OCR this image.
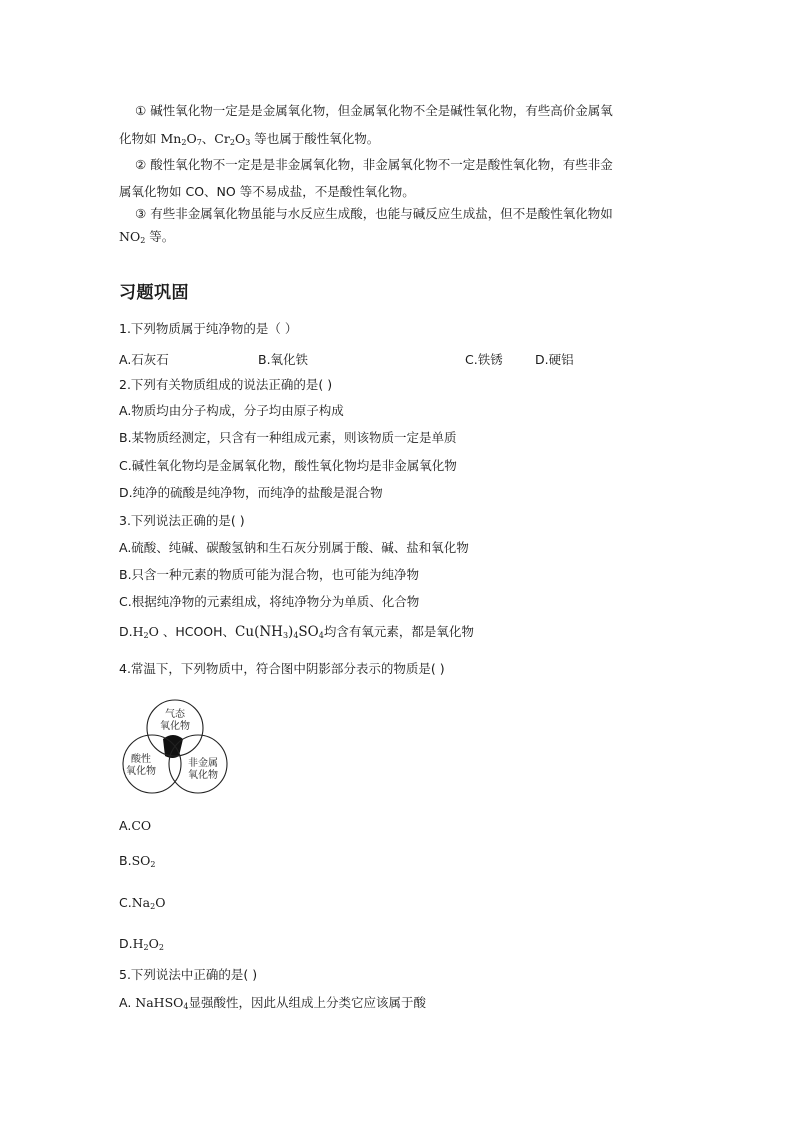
① 碱性氧化物一定是是金属氧化物，但金属氧化物不全是碱性氧化物，有些高价金属氧
化物如 $Mn_2O_7$、$Cr_2O_3$ 等也属于酸性氧化物。
② 酸性氧化物不一定是是非金属氧化物，非金属氧化物不一定是酸性氧化物，有些非金
属氧化物如 CO、NO 等不易成盐，不是酸性氧化物。
③ 有些非金属氧化物虽能与水反应生成酸，也能与碱反应生成盐，但不是酸性氧化物如
$NO_2$ 等。
习题巩固
1.下列物质属于纯净物的是（ ）
A.石灰石	B.氧化铁	C.铁锈	D.硬铝
2.下列有关物质组成的说法正确的是( )
A.物质均由分子构成，分子均由原子构成
B.某物质经测定，只含有一种组成元素，则该物质一定是单质
C.碱性氧化物均是金属氧化物，酸性氧化物均是非金属氧化物
D.纯净的硫酸是纯净物，而纯净的盐酸是混合物
3.下列说法正确的是( )
A.硫酸、纯碱、碳酸氢钠和生石灰分别属于酸、碱、盐和氧化物
B.只含一种元素的物质可能为混合物，也可能为纯净物
C.根据纯净物的元素组成，将纯净物分为单质、化合物
$D.H_2O$ 、HCOOH、$Cu(NH_3)_4SO_4$均含有氧元素，都是氧化物
4.常温下，下列物质中，符合图中阴影部分表示的物质是( )
气态
氧化物
酸性
氧化物
非金属
氧化物
A.CO
$B.SO_2$
$C.Na_2O$
$D.H_2O_2$
5.下列说法中正确的是( )
A. NaHSO$_4$显强酸性，因此从组成上分类它应该属于酸
